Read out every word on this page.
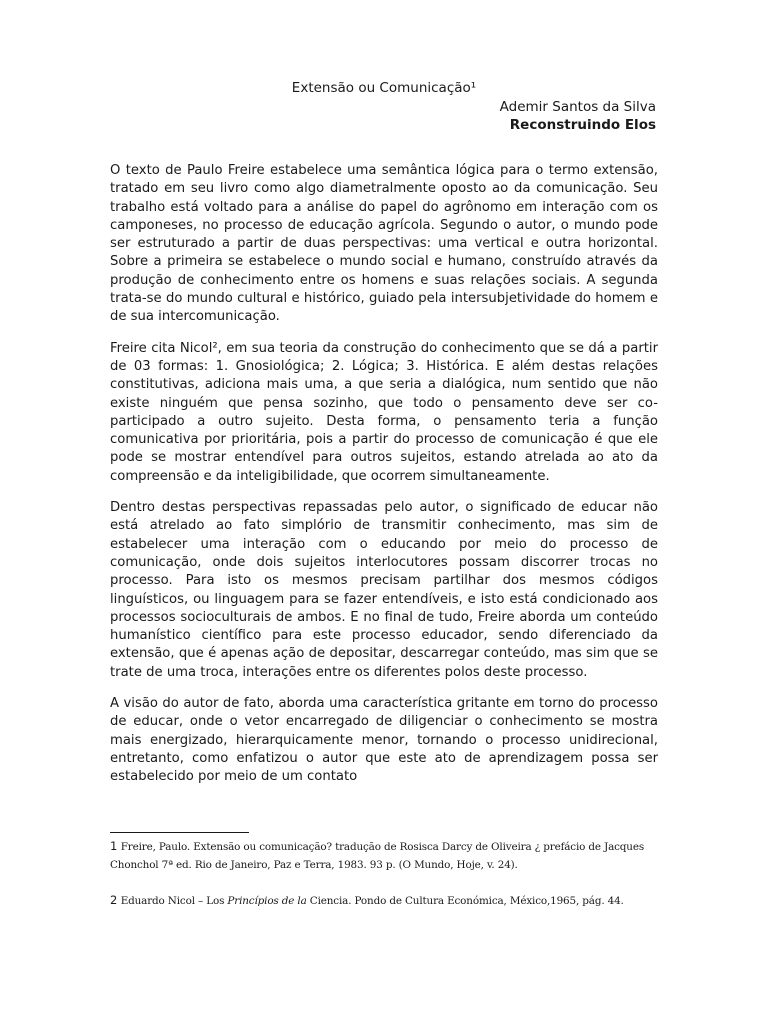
Extensão ou Comunicação¹
Ademir Santos da Silva
Reconstruindo Elos

O texto de Paulo Freire estabelece uma semântica lógica para o termo extensão, tratado em seu livro como algo diametralmente oposto ao da comunicação. Seu trabalho está voltado para a análise do papel do agrônomo em interação com os camponeses, no processo de educação agrícola. Segundo o autor, o mundo pode ser estruturado a partir de duas perspectivas: uma vertical e outra horizontal. Sobre a primeira se estabelece o mundo social e humano, construído através da produção de conhecimento entre os homens e suas relações sociais. A segunda trata-se do mundo cultural e histórico, guiado pela intersubjetividade do homem e de sua intercomunicação.

Freire cita Nicol², em sua teoria da construção do conhecimento que se dá a partir de 03 formas: 1. Gnosiológica; 2. Lógica; 3. Histórica. E além destas relações constitutivas, adiciona mais uma, a que seria a dialógica, num sentido que não existe ninguém que pensa sozinho, que todo o pensamento deve ser co-participado a outro sujeito. Desta forma, o pensamento teria a função comunicativa por prioritária, pois a partir do processo de comunicação é que ele pode se mostrar entendível para outros sujeitos, estando atrelada ao ato da compreensão e da inteligibilidade, que ocorrem simultaneamente.

Dentro destas perspectivas repassadas pelo autor, o significado de educar não está atrelado ao fato simplório de transmitir conhecimento, mas sim de estabelecer uma interação com o educando por meio do processo de comunicação, onde dois sujeitos interlocutores possam discorrer trocas no processo. Para isto os mesmos precisam partilhar dos mesmos códigos linguísticos, ou linguagem para se fazer entendíveis, e isto está condicionado aos processos socioculturais de ambos. E no final de tudo, Freire aborda um conteúdo humanístico científico para este processo educador, sendo diferenciado da extensão, que é apenas ação de depositar, descarregar conteúdo, mas sim que se trate de uma troca, interações entre os diferentes polos deste processo.

A visão do autor de fato, aborda uma característica gritante em torno do processo de educar, onde o vetor encarregado de diligenciar o conhecimento se mostra mais energizado, hierarquicamente menor, tornando o processo unidirecional, entretanto, como enfatizou o autor que este ato de aprendizagem possa ser estabelecido por meio de um contato

1 Freire, Paulo. Extensão ou comunicação? tradução de Rosisca Darcy de Oliveira ¿ prefácio de Jacques Chonchol 7ª ed. Rio de Janeiro, Paz e Terra, 1983. 93 p. (O Mundo, Hoje, v. 24).
2 Eduardo Nicol – Los Princípios de la Ciencia. Pondo de Cultura Económica, México,1965, pág. 44.
